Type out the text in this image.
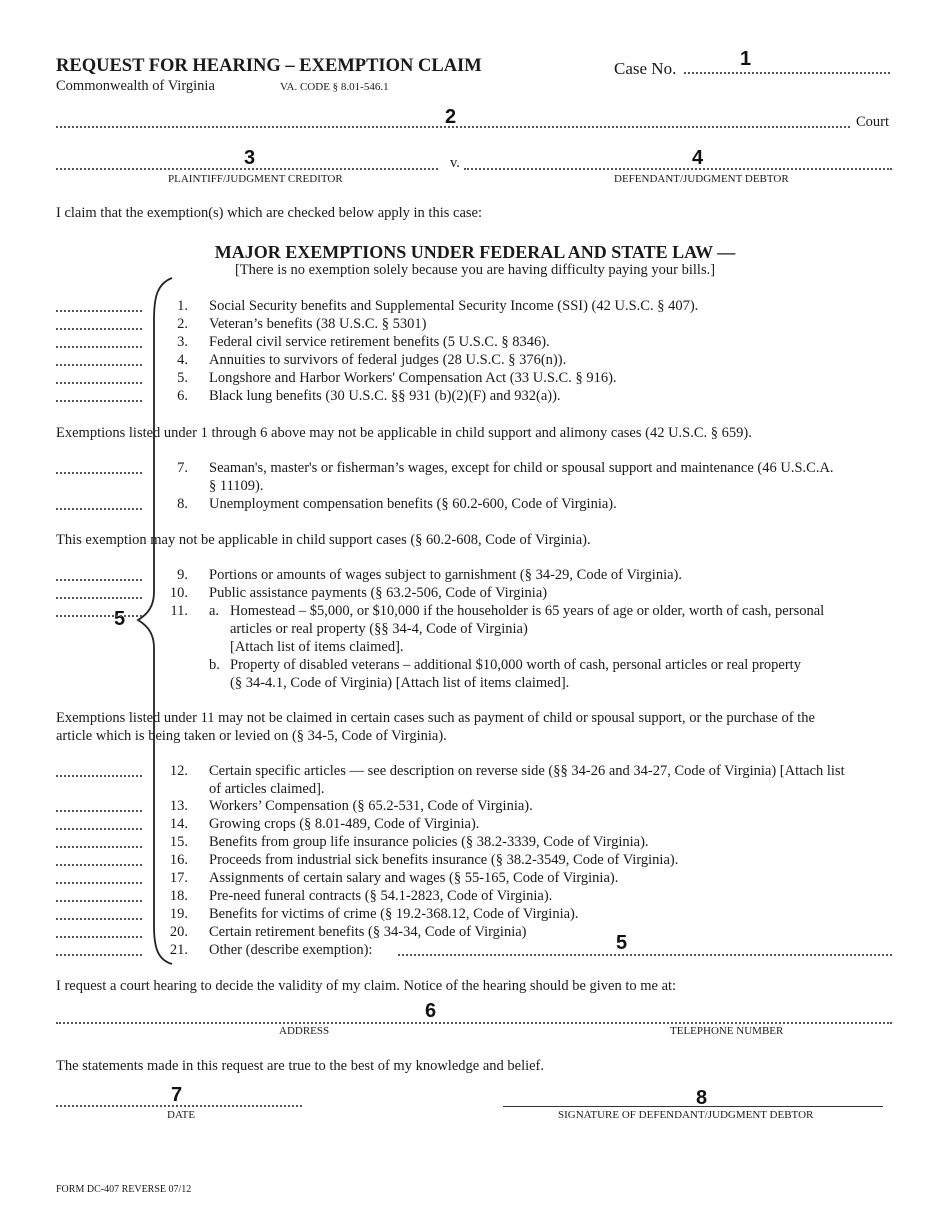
REQUEST FOR HEARING – EXEMPTION CLAIM
Commonwealth of Virginia	VA. CODE § 8.01-546.1
Case No.	1
2	Court
3	v.	4
PLAINTIFF/JUDGMENT CREDITOR	DEFENDANT/JUDGMENT DEBTOR
I claim that the exemption(s) which are checked below apply in this case:
MAJOR EXEMPTIONS UNDER FEDERAL AND STATE LAW —
[There is no exemption solely because you are having difficulty paying your bills.]
5
1. Social Security benefits and Supplemental Security Income (SSI) (42 U.S.C. § 407).
2. Veteran’s benefits (38 U.S.C. § 5301)
3. Federal civil service retirement benefits (5 U.S.C. § 8346).
4. Annuities to survivors of federal judges (28 U.S.C. § 376(n)).
5. Longshore and Harbor Workers' Compensation Act (33 U.S.C. § 916).
6. Black lung benefits (30 U.S.C. §§ 931 (b)(2)(F) and 932(a)).
Exemptions listed under 1 through 6 above may not be applicable in child support and alimony cases (42 U.S.C. § 659).
7. Seaman's, master's or fisherman’s wages, except for child or spousal support and maintenance (46 U.S.C.A.
§ 11109).
8. Unemployment compensation benefits (§ 60.2-600, Code of Virginia).
This exemption may not be applicable in child support cases (§ 60.2-608, Code of Virginia).
9. Portions or amounts of wages subject to garnishment (§ 34-29, Code of Virginia).
10. Public assistance payments (§ 63.2-506, Code of Virginia)
11. a. Homestead – $5,000, or $10,000 if the householder is 65 years of age or older, worth of cash, personal
articles or real property (§§ 34-4, Code of Virginia)
[Attach list of items claimed].
b. Property of disabled veterans – additional $10,000 worth of cash, personal articles or real property
(§ 34-4.1, Code of Virginia) [Attach list of items claimed].
Exemptions listed under 11 may not be claimed in certain cases such as payment of child or spousal support, or the purchase of the
article which is being taken or levied on (§ 34-5, Code of Virginia).
12. Certain specific articles — see description on reverse side (§§ 34-26 and 34-27, Code of Virginia) [Attach list
of articles claimed].
13. Workers’ Compensation (§ 65.2-531, Code of Virginia).
14. Growing crops (§ 8.01-489, Code of Virginia).
15. Benefits from group life insurance policies (§ 38.2-3339, Code of Virginia).
16. Proceeds from industrial sick benefits insurance (§ 38.2-3549, Code of Virginia).
17. Assignments of certain salary and wages (§ 55-165, Code of Virginia).
18. Pre-need funeral contracts (§ 54.1-2823, Code of Virginia).
19. Benefits for victims of crime (§ 19.2-368.12, Code of Virginia).
20. Certain retirement benefits (§ 34-34, Code of Virginia)
21. Other (describe exemption):	5
I request a court hearing to decide the validity of my claim. Notice of the hearing should be given to me at:
6
ADDRESS	TELEPHONE NUMBER
The statements made in this request are true to the best of my knowledge and belief.
7
DATE
8
SIGNATURE OF DEFENDANT/JUDGMENT DEBTOR
FORM DC-407 REVERSE 07/12
